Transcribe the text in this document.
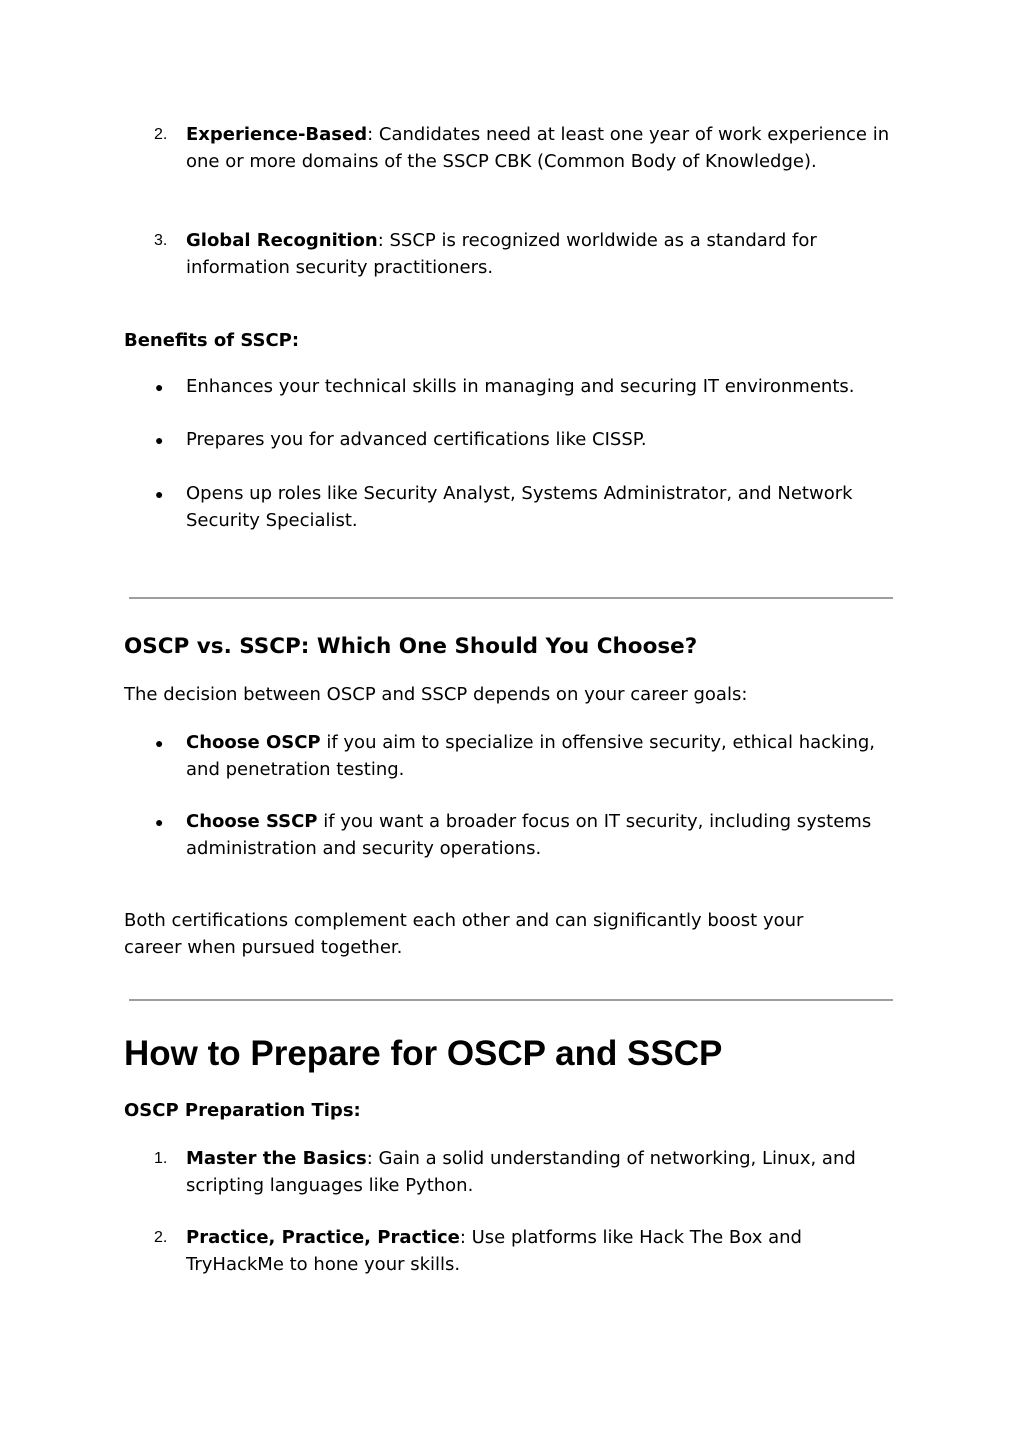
2. Experience-Based: Candidates need at least one year of work experience in one or more domains of the SSCP CBK (Common Body of Knowledge).
3. Global Recognition: SSCP is recognized worldwide as a standard for information security practitioners.
Benefits of SSCP:
● Enhances your technical skills in managing and securing IT environments.
● Prepares you for advanced certifications like CISSP.
● Opens up roles like Security Analyst, Systems Administrator, and Network Security Specialist.
OSCP vs. SSCP: Which One Should You Choose?
The decision between OSCP and SSCP depends on your career goals:
● Choose OSCP if you aim to specialize in offensive security, ethical hacking, and penetration testing.
● Choose SSCP if you want a broader focus on IT security, including systems administration and security operations.
Both certifications complement each other and can significantly boost your career when pursued together.
How to Prepare for OSCP and SSCP
OSCP Preparation Tips:
1. Master the Basics: Gain a solid understanding of networking, Linux, and scripting languages like Python.
2. Practice, Practice, Practice: Use platforms like Hack The Box and TryHackMe to hone your skills.
